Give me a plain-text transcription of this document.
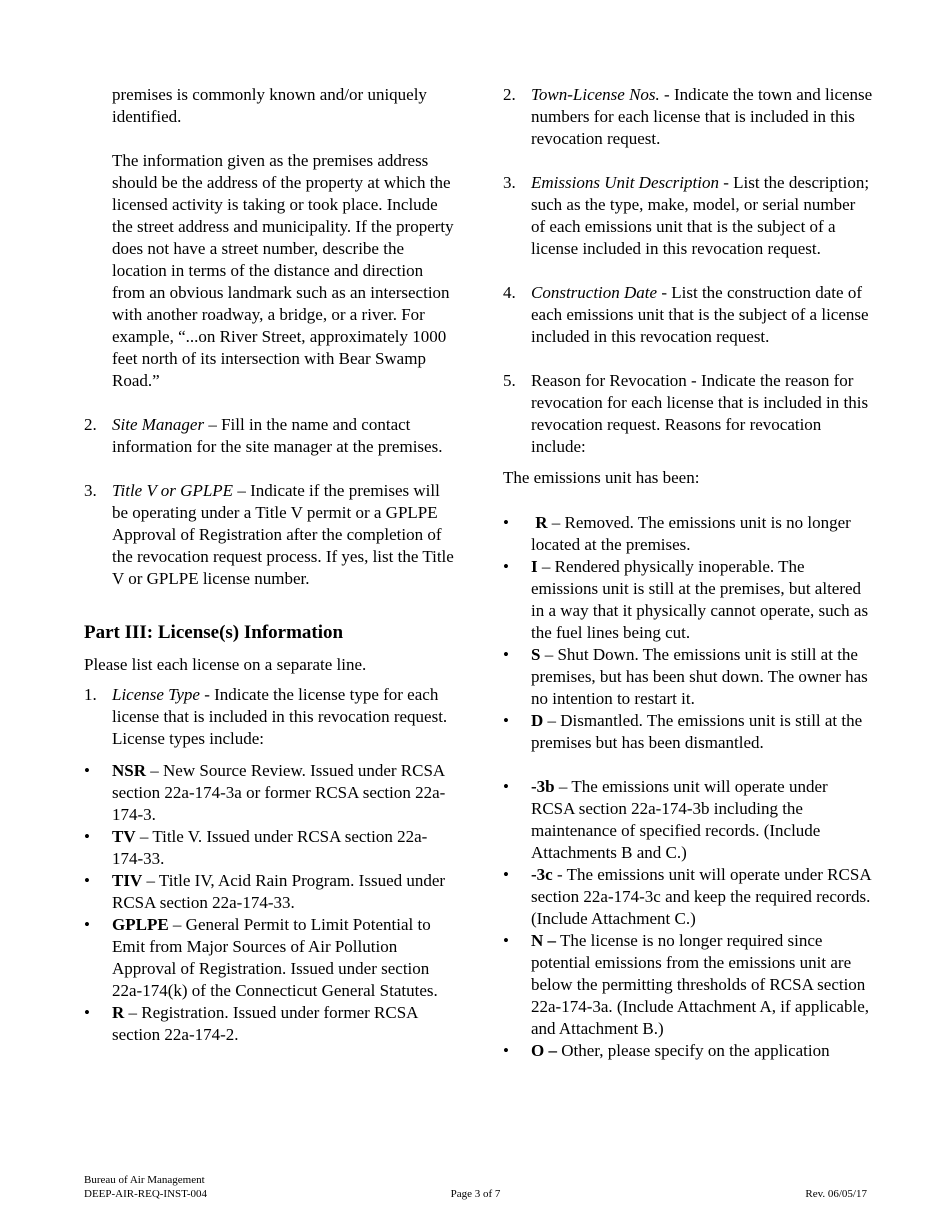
premises is commonly known and/or uniquely identified.

The information given as the premises address should be the address of the property at which the licensed activity is taking or took place. Include the street address and municipality. If the property does not have a street number, describe the location in terms of the distance and direction from an obvious landmark such as an intersection with another roadway, a bridge, or a river. For example, “...on River Street, approximately 1000 feet north of its intersection with Bear Swamp Road.”

2. Site Manager – Fill in the name and contact information for the site manager at the premises.
3. Title V or GPLPE – Indicate if the premises will be operating under a Title V permit or a GPLPE Approval of Registration after the completion of the revocation request process. If yes, list the Title V or GPLPE license number.
Part III: License(s) Information

Please list each license on a separate line.

1. License Type - Indicate the license type for each license that is included in this revocation request. License types include:
•	NSR – New Source Review. Issued under RCSA section 22a-174-3a or former RCSA section 22a-174-3.
•	TV – Title V. Issued under RCSA section 22a-174-33.
•	TIV – Title IV, Acid Rain Program. Issued under RCSA section 22a-174-33.
•	GPLPE – General Permit to Limit Potential to Emit from Major Sources of Air Pollution Approval of Registration. Issued under section 22a-174(k) of the Connecticut General Statutes.
•	R – Registration. Issued under former RCSA section 22a-174-2.
2. Town-License Nos. - Indicate the town and license numbers for each license that is included in this revocation request.
3. Emissions Unit Description - List the description; such as the type, make, model, or serial number of each emissions unit that is the subject of a license included in this revocation request.
4. Construction Date - List the construction date of each emissions unit that is the subject of a license included in this revocation request.
5. Reason for Revocation - Indicate the reason for revocation for each license that is included in this revocation request. Reasons for revocation include:

The emissions unit has been:

•	R – Removed. The emissions unit is no longer located at the premises.
•	I – Rendered physically inoperable. The emissions unit is still at the premises, but altered in a way that it physically cannot operate, such as the fuel lines being cut.
•	S – Shut Down. The emissions unit is still at the premises, but has been shut down. The owner has no intention to restart it.
•	D – Dismantled. The emissions unit is still at the premises but has been dismantled.
•	-3b – The emissions unit will operate under RCSA section 22a-174-3b including the maintenance of specified records. (Include Attachments B and C.)
•	-3c - The emissions unit will operate under RCSA section 22a-174-3c and keep the required records. (Include Attachment C.)
•	N – The license is no longer required since potential emissions from the emissions unit are below the permitting thresholds of RCSA section 22a-174-3a. (Include Attachment A, if applicable, and Attachment B.)
•	O – Other, please specify on the application
Bureau of Air Management
DEEP-AIR-REQ-INST-004	Page 3 of 7	Rev. 06/05/17
